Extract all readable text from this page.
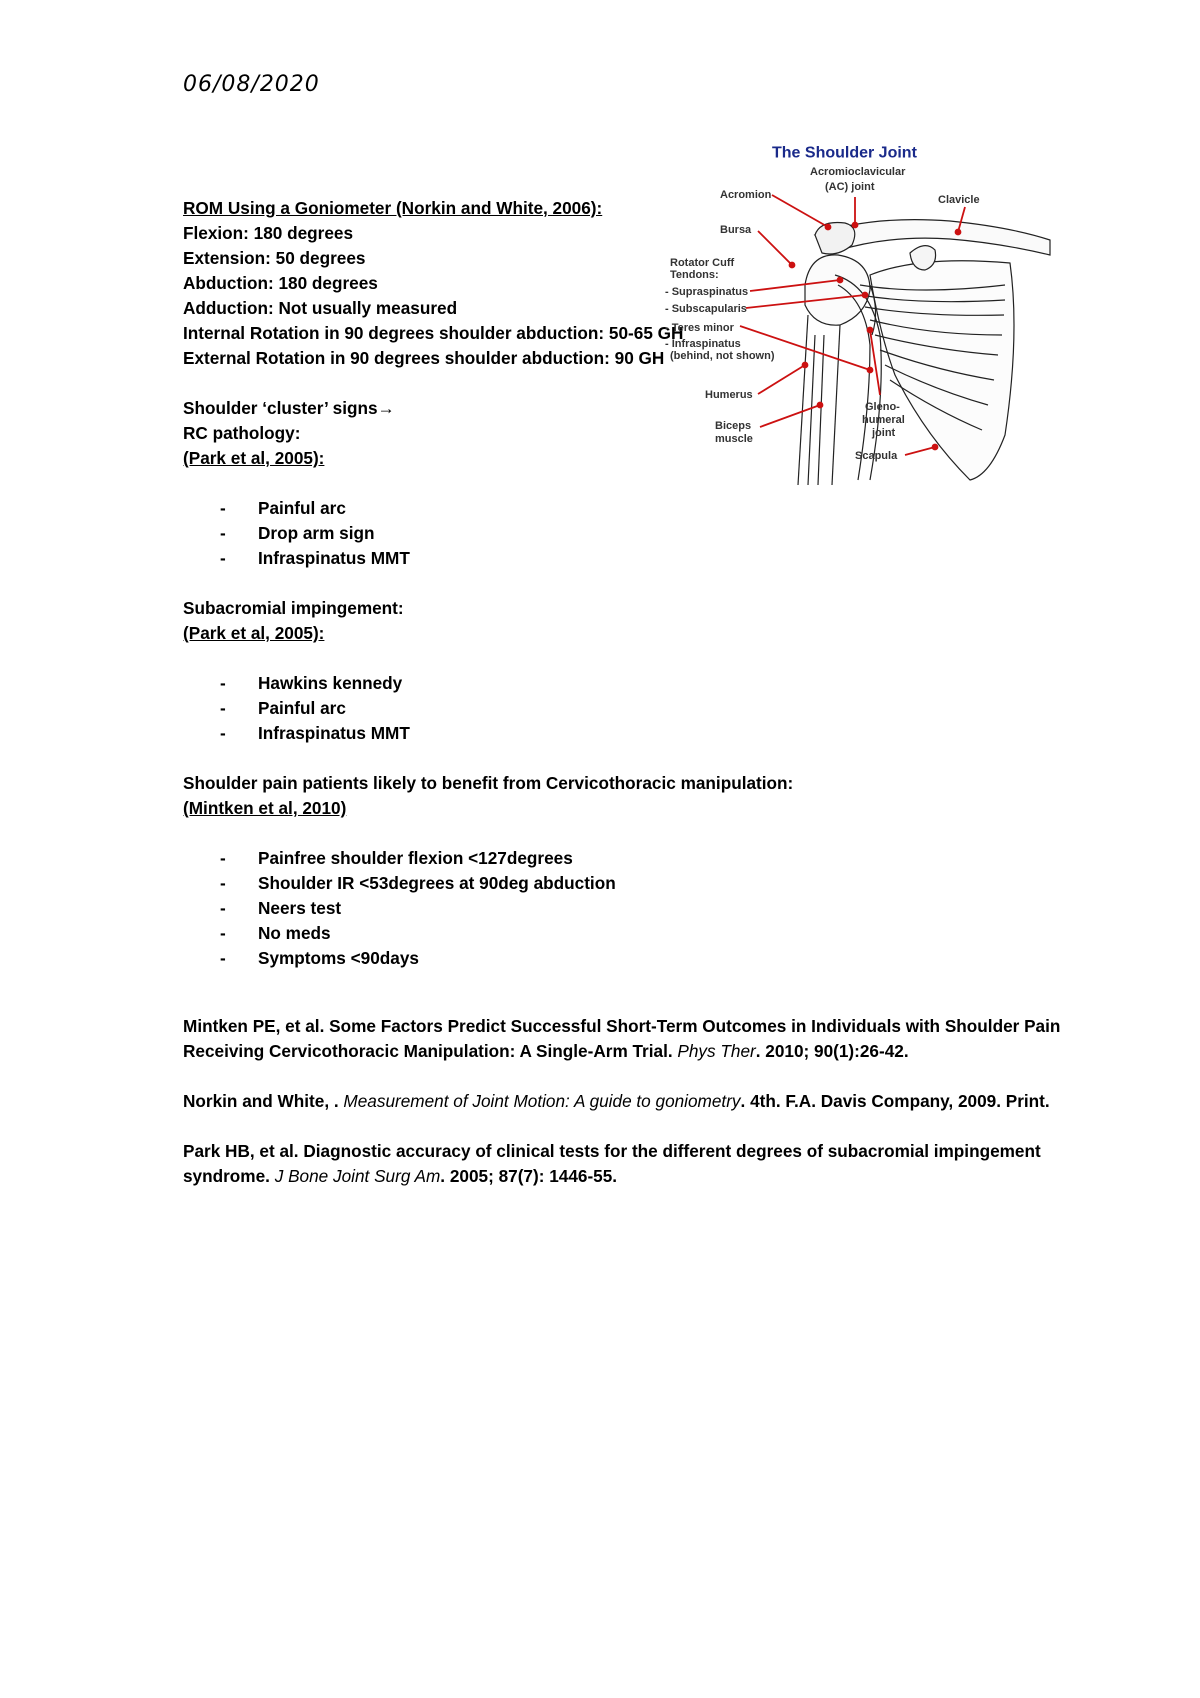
06/08/2020
ROM Using a Goniometer (Norkin and White, 2006):
Flexion: 180 degrees
Extension: 50 degrees
Abduction: 180 degrees
Adduction: Not usually measured
Internal Rotation in 90 degrees shoulder abduction: 50-65 GH
External Rotation in 90 degrees shoulder abduction: 90 GH
Shoulder ‘cluster’ signs→
RC pathology:
(Park et al, 2005):
- Painful arc
- Drop arm sign
- Infraspinatus MMT
Subacromial impingement:
(Park et al, 2005):
- Hawkins kennedy
- Painful arc
- Infraspinatus MMT
Shoulder pain patients likely to benefit from Cervicothoracic manipulation:
(Mintken et al, 2010)
- Painfree shoulder flexion <127degrees
- Shoulder IR <53degrees at 90deg abduction
- Neers test
- No meds
- Symptoms <90days
Mintken PE, et al. Some Factors Predict Successful Short-Term Outcomes in Individuals with Shoulder Pain Receiving Cervicothoracic Manipulation: A Single-Arm Trial. Phys Ther. 2010; 90(1):26-42.
Norkin and White, . Measurement of Joint Motion: A guide to goniometry. 4th. F.A. Davis Company, 2009. Print.
Park HB, et al. Diagnostic accuracy of clinical tests for the different degrees of subacromial impingement syndrome. J Bone Joint Surg Am. 2005; 87(7): 1446-55.
The Shoulder Joint
Acromioclavicular
(AC) joint
Acromion	Clavicle
Bursa
Rotator Cuff
Tendons:
- Supraspinatus
- Subscapularis
- Teres minor
- Infraspinatus
(behind, not shown)
Humerus
Biceps
muscle
Gleno-
humeral
joint
Scapula
